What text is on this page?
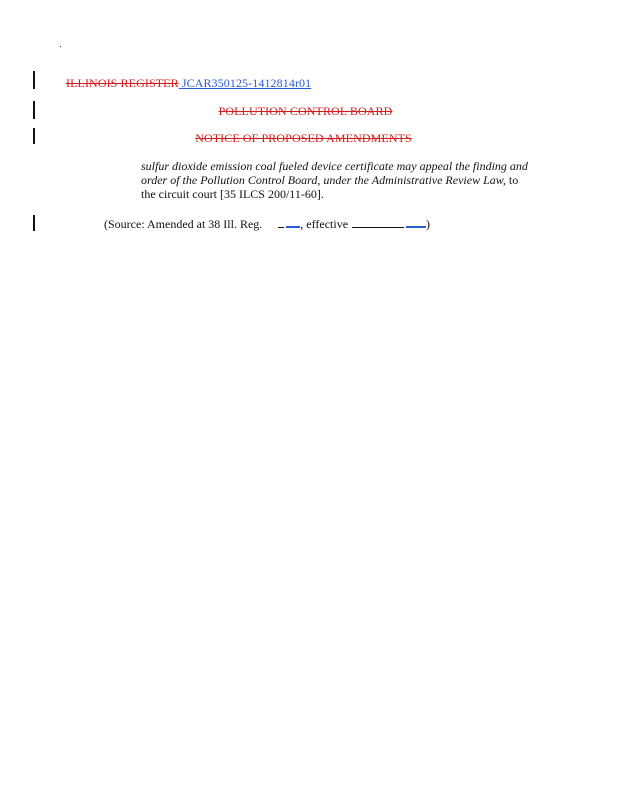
ILLINOIS REGISTER JCAR350125-1412814r01
POLLUTION CONTROL BOARD
NOTICE OF PROPOSED AMENDMENTS
sulfur dioxide emission coal fueled device certificate may appeal the finding and
order of the Pollution Control Board, under the Administrative Review Law, to
the circuit court [35 ILCS 200/11-60].
(Source: Amended at 38 Ill. Reg.	, effective	)
